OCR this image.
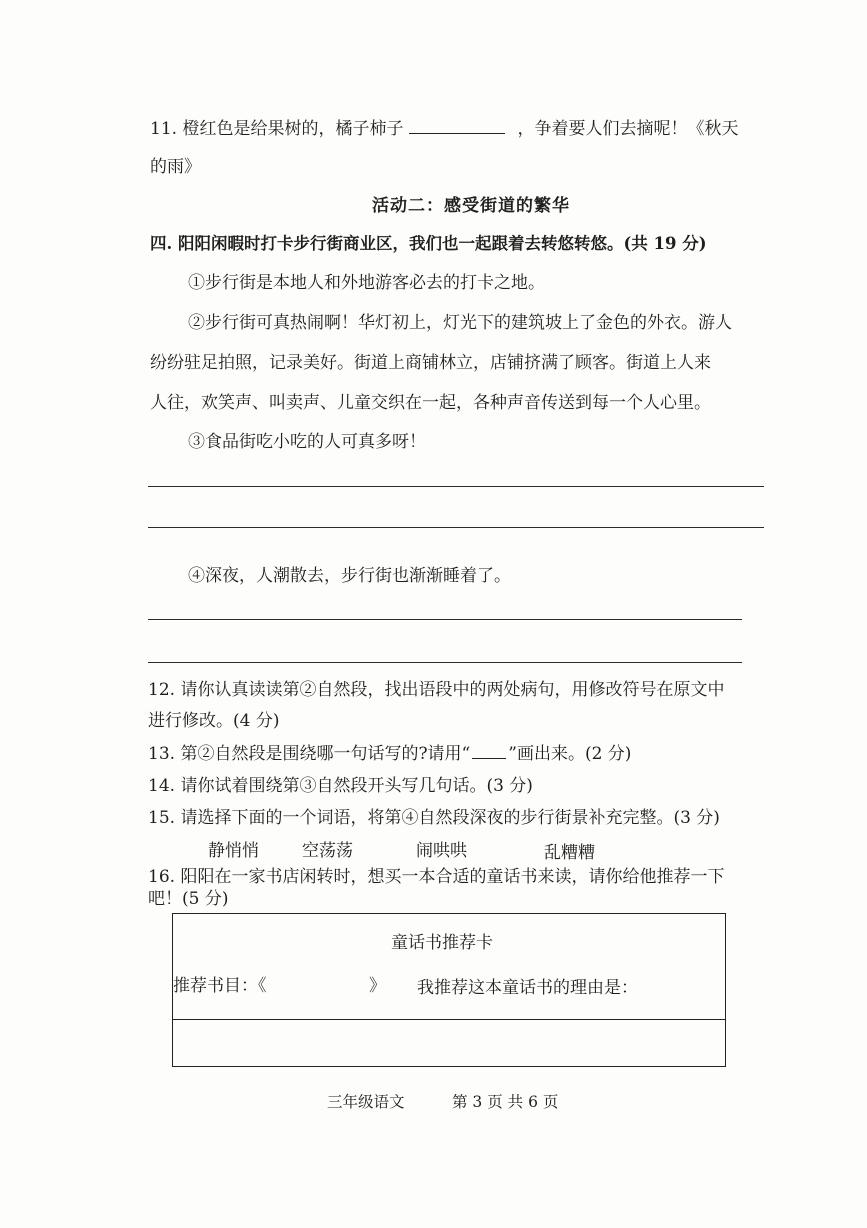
11. 橙红色是给果树的，橘子柿子	，争着要人们去摘呢！《秋天
的雨》
活动二：感受街道的繁华
四. 阳阳闲暇时打卡步行街商业区，我们也一起跟着去转悠转悠。(共 19 分)
①步行街是本地人和外地游客必去的打卡之地。
②步行街可真热闹啊！华灯初上，灯光下的建筑坡上了金色的外衣。游人
纷纷驻足拍照，记录美好。街道上商铺林立，店铺挤满了顾客。街道上人来
人往，欢笑声、叫卖声、儿童交织在一起，各种声音传送到每一个人心里。
③食品街吃小吃的人可真多呀！
④深夜，人潮散去，步行街也渐渐睡着了。
12. 请你认真读读第②自然段，找出语段中的两处病句，用修改符号在原文中
进行修改。(4 分)
13. 第②自然段是围绕哪一句话写的?请用“ ”画出来。(2 分)
14. 请你试着围绕第③自然段开头写几句话。(3 分)
15. 请选择下面的一个词语，将第④自然段深夜的步行街景补充完整。(3 分)
静悄悄	空荡荡	闹哄哄	乱糟糟
16. 阳阳在一家书店闲转时，想买一本合适的童话书来读，请你给他推荐一下
吧！(5 分)
童话书推荐卡
推荐书目：《	》 我推荐这本童话书的理由是：
三年级语文	第 3 页 共 6 页
